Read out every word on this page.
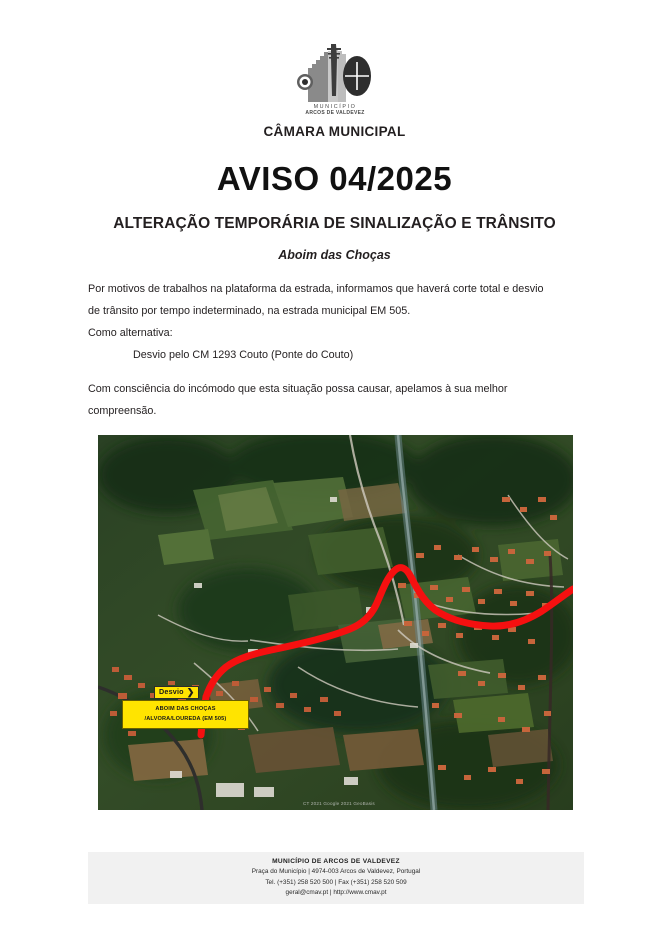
MUNICÍPIO
ARCOS DE VALDEVEZ
CÂMARA MUNICIPAL
AVISO 04/2025
ALTERAÇÃO TEMPORÁRIA DE SINALIZAÇÃO E TRÂNSITO
Aboim das Choças

Por motivos de trabalhos na plataforma da estrada, informamos que haverá corte total e desvio

de trânsito por tempo indeterminado, na estrada municipal EM 505.

Como alternativa:

Desvio pelo CM 1293 Couto (Ponte do Couto)

Com consciência do incómodo que esta situação possa causar, apelamos à sua melhor

compreensão.

Desvio ❯
ABOIM DAS CHOÇAS
/ALVORA/LOUREDA (EM 505)
CT 2021 Google 2021 GeoBasis
MUNICÍPIO DE ARCOS DE VALDEVEZ
Praça do Município | 4974-003 Arcos de Valdevez, Portugal
Tel. (+351) 258 520 500 | Fax (+351) 258 520 509
geral@cmav.pt | http://www.cmav.pt
